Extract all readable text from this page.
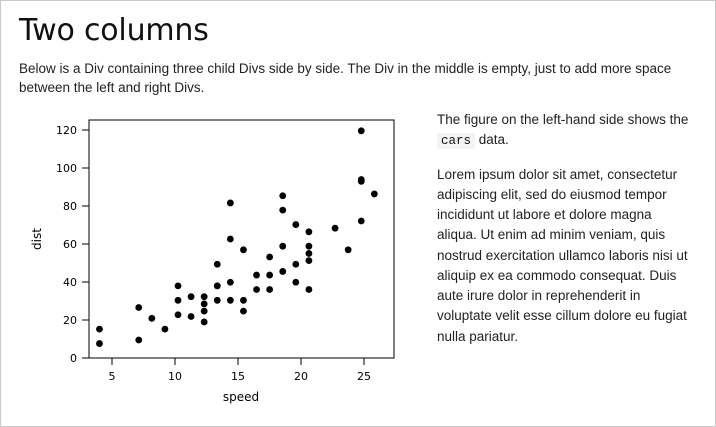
Two columns

Below is a Div containing three child Divs side by side. The Div in the middle is empty, just to add more space between the left and right Divs.

0
20
40
60
80
100
120
5	10	15	20	25
speed
dist

The figure on the left-hand side shows the cars data.

Lorem ipsum dolor sit amet, consectetur adipiscing elit, sed do eiusmod tempor incididunt ut labore et dolore magna aliqua. Ut enim ad minim veniam, quis nostrud exercitation ullamco laboris nisi ut aliquip ex ea commodo consequat. Duis aute irure dolor in reprehenderit in voluptate velit esse cillum dolore eu fugiat nulla pariatur.
